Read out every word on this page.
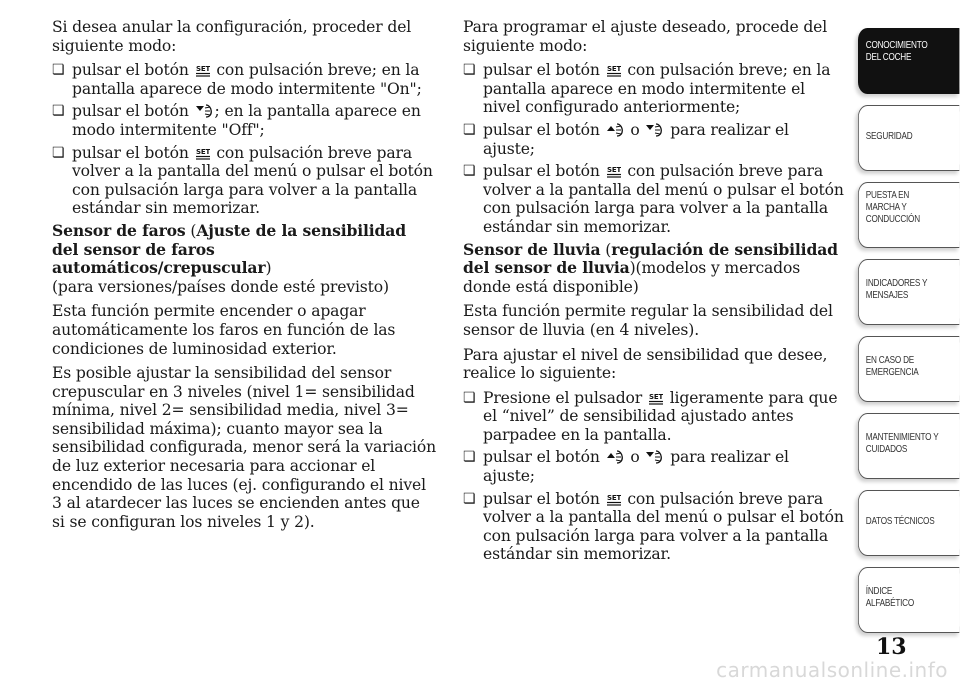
Si desea anular la configuración, proceder del siguiente modo:

❏ pulsar el botón
con pulsación breve; en la pantalla aparece de modo intermitente "On";

❏ pulsar el botón
; en la pantalla aparece en modo intermitente "Off";

❏ pulsar el botón
con pulsación breve para volver a la pantalla del menú o pulsar el botón con pulsación larga para volver a la pantalla estándar sin memorizar.

Sensor de faros (Ajuste de la sensibilidad del sensor de faros automáticos/crepuscular)
(para versiones/países donde esté previsto)

Esta función permite encender o apagar automáticamente los faros en función de las condiciones de luminosidad exterior.

Es posible ajustar la sensibilidad del sensor crepuscular en 3 niveles (nivel 1= sensibilidad mínima, nivel 2= sensibilidad media, nivel 3= sensibilidad máxima); cuanto mayor sea la sensibilidad configurada, menor será la variación de luz exterior necesaria para accionar el encendido de las luces (ej. configurando el nivel 3 al atardecer las luces se encienden antes que si se configuran los niveles 1 y 2).

Para programar el ajuste deseado, procede del siguiente modo:

❏ pulsar el botón
con pulsación breve; en la pantalla aparece en modo intermitente el nivel configurado anteriormente;

❏ pulsar el botón
o
para realizar el ajuste;

❏ pulsar el botón
con pulsación breve para volver a la pantalla del menú o pulsar el botón con pulsación larga para volver a la pantalla estándar sin memorizar.

Sensor de lluvia (regulación de sensibilidad del sensor de lluvia)(modelos y mercados donde está disponible)

Esta función permite regular la sensibilidad del sensor de lluvia (en 4 niveles).

Para ajustar el nivel de sensibilidad que desee, realice lo siguiente:

❏ Presione el pulsador
ligeramente para que el “nivel” de sensibilidad ajustado antes parpadee en la pantalla.

❏ pulsar el botón
o
para realizar el ajuste;

❏ pulsar el botón
con pulsación breve para volver a la pantalla del menú o pulsar el botón con pulsación larga para volver a la pantalla estándar sin memorizar.

CONOCIMIENTO
DEL COCHE
SEGURIDAD
PUESTA EN
MARCHA Y
CONDUCCIÓN
INDICADORES Y
MENSAJES
EN CASO DE
EMERGENCIA
MANTENIMIENTO Y
CUIDADOS
DATOS TÉCNICOS
ÍNDICE
ALFABÉTICO
13
carmanualsonline.info
